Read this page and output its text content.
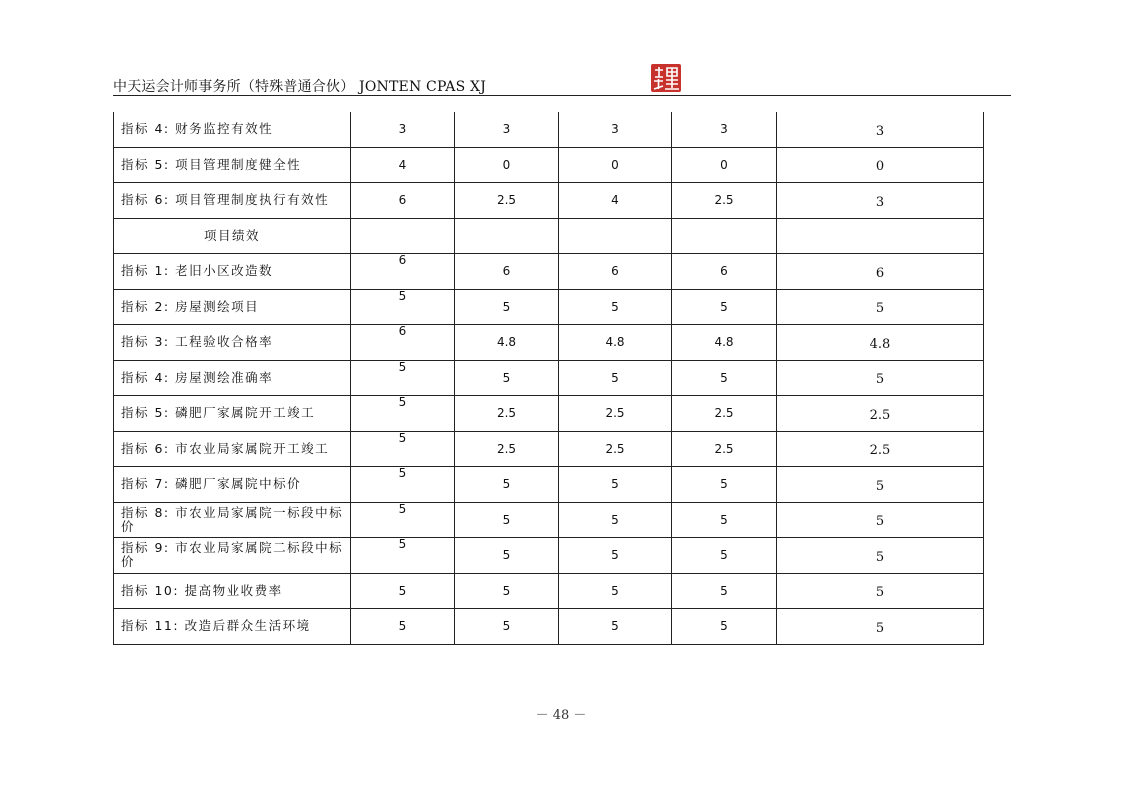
中天运会计师事务所（特殊普通合伙） JONTEN CPAS XJ
指标 4: 财务监控有效性	3	3	3	3	3
指标 5: 项目管理制度健全性	4	0	0	0	0
指标 6: 项目管理制度执行有效性	6	2.5	4	2.5	3
项目绩效					
指标 1: 老旧小区改造数	6	6	6	6	6
指标 2: 房屋测绘项目	5	5	5	5	5
指标 3: 工程验收合格率	6	4.8	4.8	4.8	4.8
指标 4: 房屋测绘准确率	5	5	5	5	5
指标 5: 磷肥厂家属院开工竣工	5	2.5	2.5	2.5	2.5
指标 6: 市农业局家属院开工竣工	5	2.5	2.5	2.5	2.5
指标 7: 磷肥厂家属院中标价	5	5	5	5	5
指标 8: 市农业局家属院一标段中标价	5	5	5	5	5
指标 9: 市农业局家属院二标段中标价	5	5	5	5	5
指标 10: 提高物业收费率	5	5	5	5	5
指标 11: 改造后群众生活环境	5	5	5	5	5
－ 48 －
